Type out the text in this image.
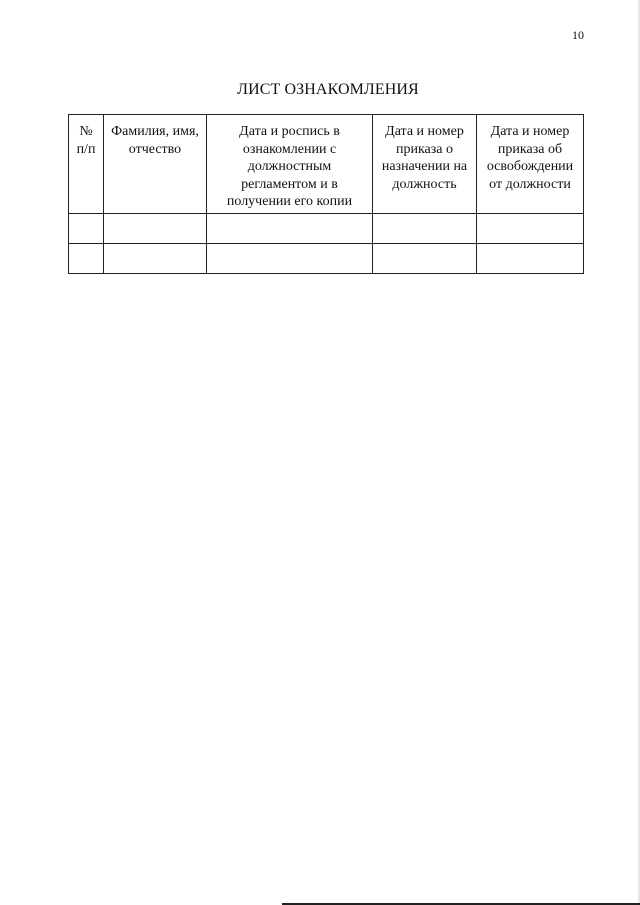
10
ЛИСТ ОЗНАКОМЛЕНИЯ
№ п/п	Фамилия, имя, отчество	Дата и роспись в ознакомлении с должностным регламентом и в получении его копии	Дата и номер приказа о назначении на должность	Дата и номер приказа об освобождении от должности
